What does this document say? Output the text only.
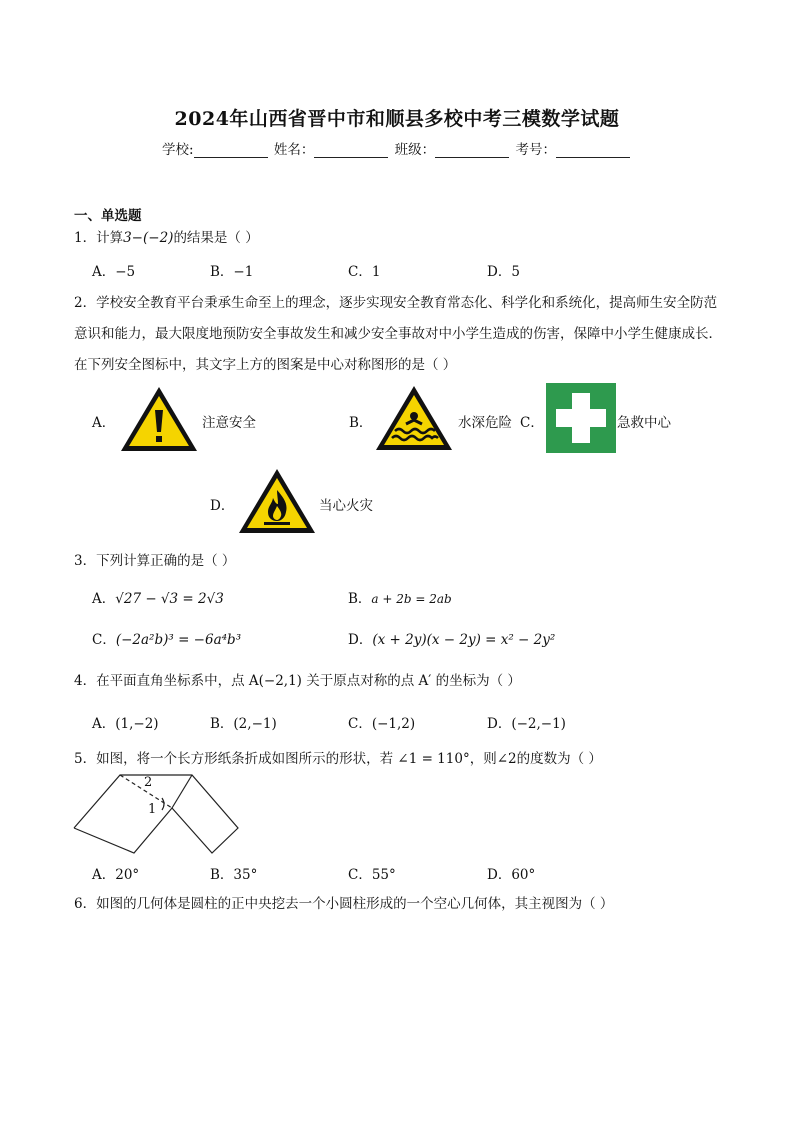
2024年山西省晋中市和顺县多校中考三模数学试题
学校:	姓名：	班级：	考号：
一、单选题
1．计算3−(−2)的结果是（ ）
A．−5	B．−1	C．1	D．5
2．学校安全教育平台秉承生命至上的理念，逐步实现安全教育常态化、科学化和系统化，提高师生安全防范意识和能力，最大限度地预防安全事故发生和减少安全事故对中小学生造成的伤害，保障中小学生健康成长．在下列安全图标中，其文字上方的图案是中心对称图形的是（ ）
A．	注意安全	B．	水深危险 C．	急救中心
D．	当心火灾
3．下列计算正确的是（ ）
A．√27 − √3 = 2√3	B．a + 2b = 2ab
C．(−2a²b)³ = −6a⁴b³	D．(x + 2y)(x − 2y) = x² − 2y²
4．在平面直角坐标系中，点 A(−2,1) 关于原点对称的点 A′ 的坐标为（ ）
A．(1,−2)	B．(2,−1)	C．(−1,2)	D．(−2,−1)
5．如图，将一个长方形纸条折成如图所示的形状，若 ∠1 = 110°，则∠2的度数为（ ）
2
1
A．20°	B．35°	C．55°	D．60°
6．如图的几何体是圆柱的正中央挖去一个小圆柱形成的一个空心几何体，其主视图为（ ）
